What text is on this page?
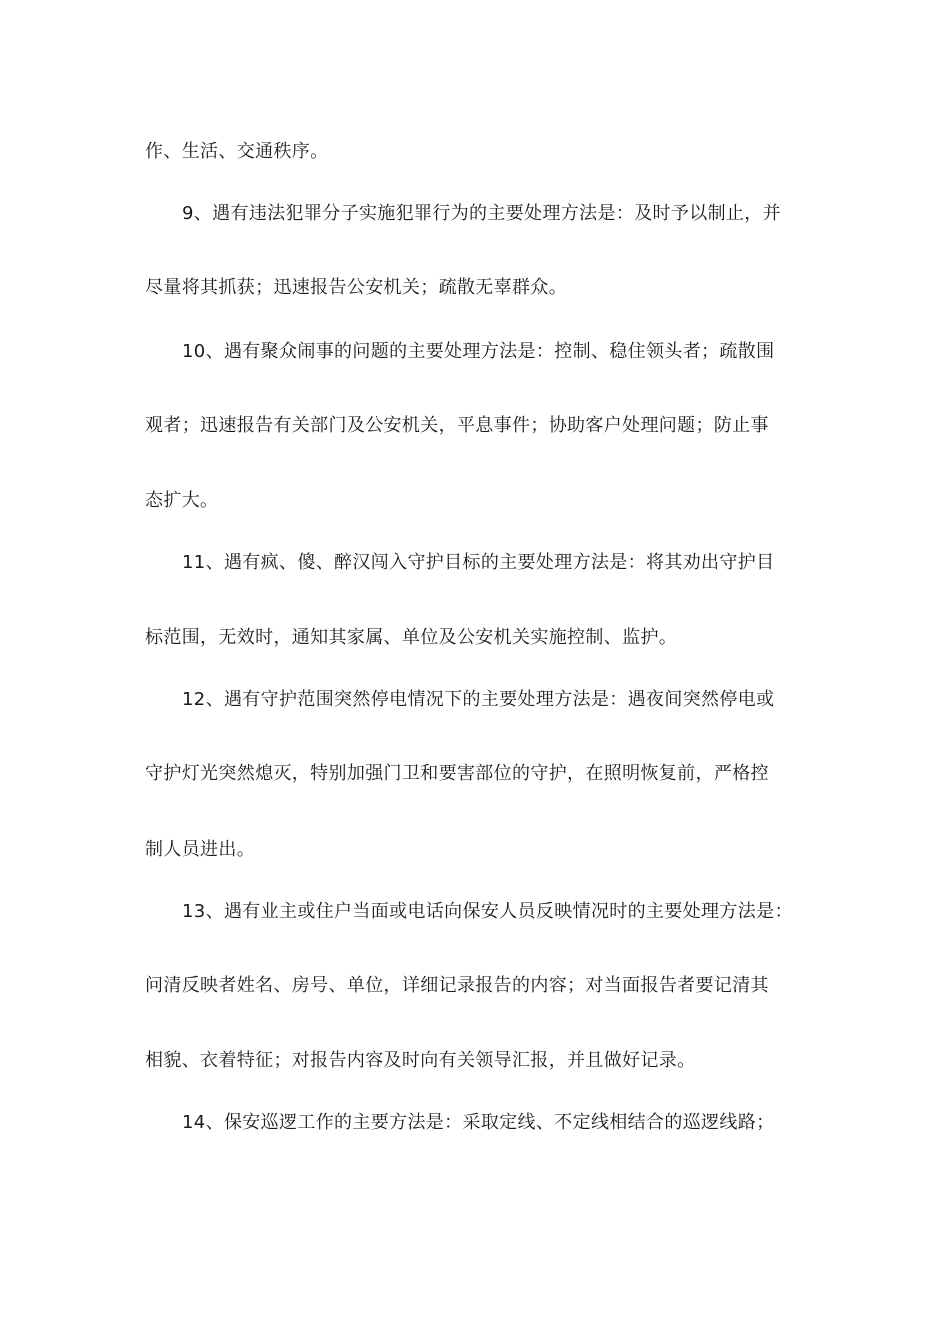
作、生活、交通秩序。
9、遇有违法犯罪分子实施犯罪行为的主要处理方法是：及时予以制止，并
尽量将其抓获；迅速报告公安机关；疏散无辜群众。
10、遇有聚众闹事的问题的主要处理方法是：控制、稳住领头者；疏散围
观者；迅速报告有关部门及公安机关，平息事件；协助客户处理问题；防止事
态扩大。
11、遇有疯、傻、醉汉闯入守护目标的主要处理方法是：将其劝出守护目
标范围，无效时，通知其家属、单位及公安机关实施控制、监护。
12、遇有守护范围突然停电情况下的主要处理方法是：遇夜间突然停电或
守护灯光突然熄灭，特别加强门卫和要害部位的守护，在照明恢复前，严格控
制人员进出。
13、遇有业主或住户当面或电话向保安人员反映情况时的主要处理方法是：
问清反映者姓名、房号、单位，详细记录报告的内容；对当面报告者要记清其
相貌、衣着特征；对报告内容及时向有关领导汇报，并且做好记录。
14、保安巡逻工作的主要方法是：采取定线、不定线相结合的巡逻线路；
